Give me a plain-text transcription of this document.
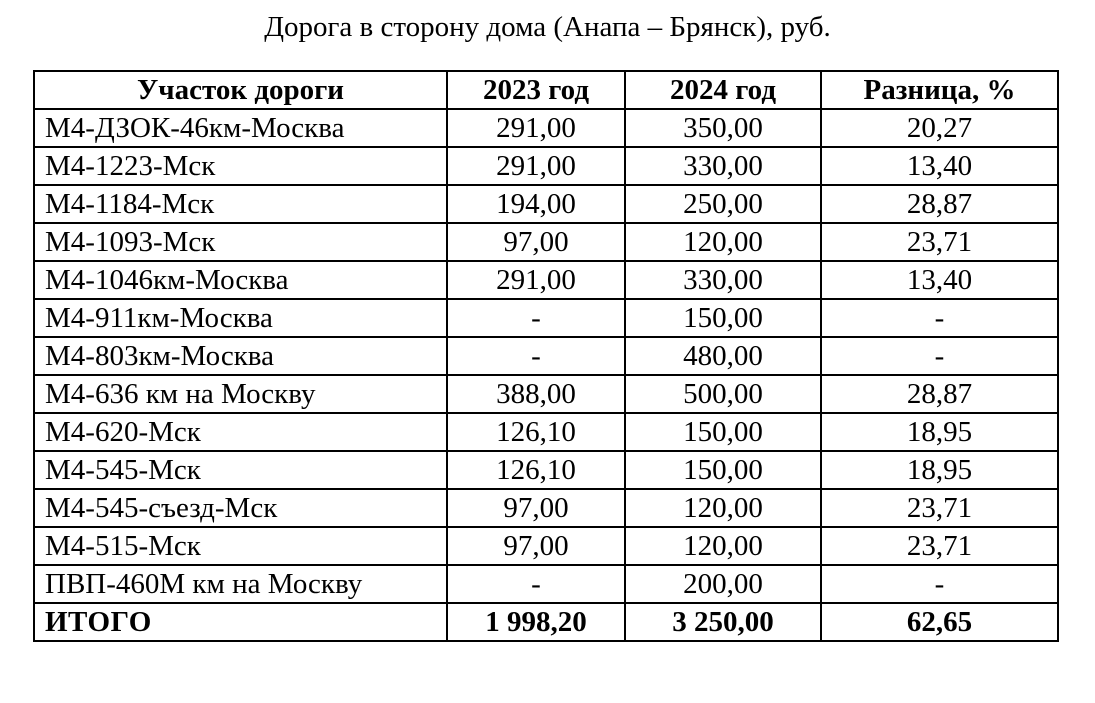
Дорога в сторону дома (Анапа – Брянск), руб.
Участок дороги	2023 год	2024 год	Разница, %
М4-ДЗОК-46км-Москва	291,00	350,00	20,27
М4-1223-Мск	291,00	330,00	13,40
М4-1184-Мск	194,00	250,00	28,87
М4-1093-Мск	97,00	120,00	23,71
М4-1046км-Москва	291,00	330,00	13,40
М4-911км-Москва	-	150,00	-
М4-803км-Москва	-	480,00	-
М4-636 км на Москву	388,00	500,00	28,87
М4-620-Мск	126,10	150,00	18,95
М4-545-Мск	126,10	150,00	18,95
М4-545-съезд-Мск	97,00	120,00	23,71
М4-515-Мск	97,00	120,00	23,71
ПВП-460М км на Москву	-	200,00	-
ИТОГО	1 998,20	3 250,00	62,65
